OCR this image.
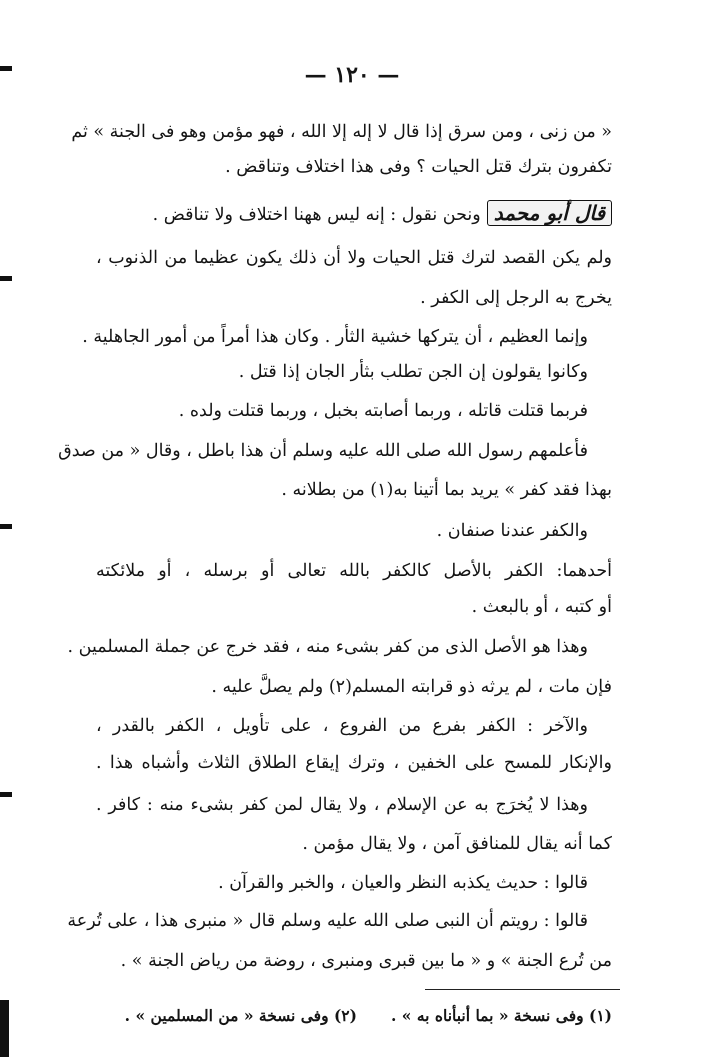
— ١٢٠ —
« من زنى ، ومن سرق إذا قال لا إله إلا الله ، فهو مؤمن وهو فى الجنة » ثم
تكفرون بترك قتل الحيات ؟ وفى هذا اختلاف وتناقض .
قال أبو محمدونحن نقول : إنه ليس ههنا اختلاف ولا تناقض .
ولم يكن القصد لترك قتل الحيات ولا أن ذلك يكون عظيما من الذنوب ،
يخرج به الرجل إلى الكفر .
وإنما العظيم ، أن يتركها خشية الثأر . وكان هذا أمراً من أمور الجاهلية .
وكانوا يقولون إن الجن تطلب بثأر الجان إذا قتل .
فربما قتلت قاتله ، وربما أصابته بخبل ، وربما قتلت ولده .
فأعلمهم رسول الله صلى الله عليه وسلم أن هذا باطل ، وقال « من صدق
بهذا فقد كفر » يريد بما أتينا به(١) من بطلانه .
والكفر عندنا صنفان .
أحدهما: الكفر بالأصل كالكفر بالله تعالى أو برسله ، أو ملائكته
أو كتبه ، أو بالبعث .
وهذا هو الأصل الذى من كفر بشىء منه ، فقد خرج عن جملة المسلمين .
فإن مات ، لم يرثه ذو قرابته المسلم(٢) ولم يصلَّ عليه .
والآخر : الكفر بفرع من الفروع ، على تأويل ، الكفر بالقدر ،
والإنكار للمسح على الخفين ، وترك إيقاع الطلاق الثلاث وأشباه هذا .
وهذا لا يُخرَج به عن الإسلام ، ولا يقال لمن كفر بشىء منه : كافر .
كما أنه يقال للمنافق آمن ، ولا يقال مؤمن .
قالوا : حديث يكذبه النظر والعيان ، والخبر والقرآن .
قالوا : رويتم أن النبى صلى الله عليه وسلم قال « منبرى هذا ، على تُرعة
من تُرع الجنة » و « ما بين قبرى ومنبرى ، روضة من رياض الجنة » .
(١) وفى نسخة « بما أنبأناه به » .(٢) وفى نسخة « من المسلمين » .
